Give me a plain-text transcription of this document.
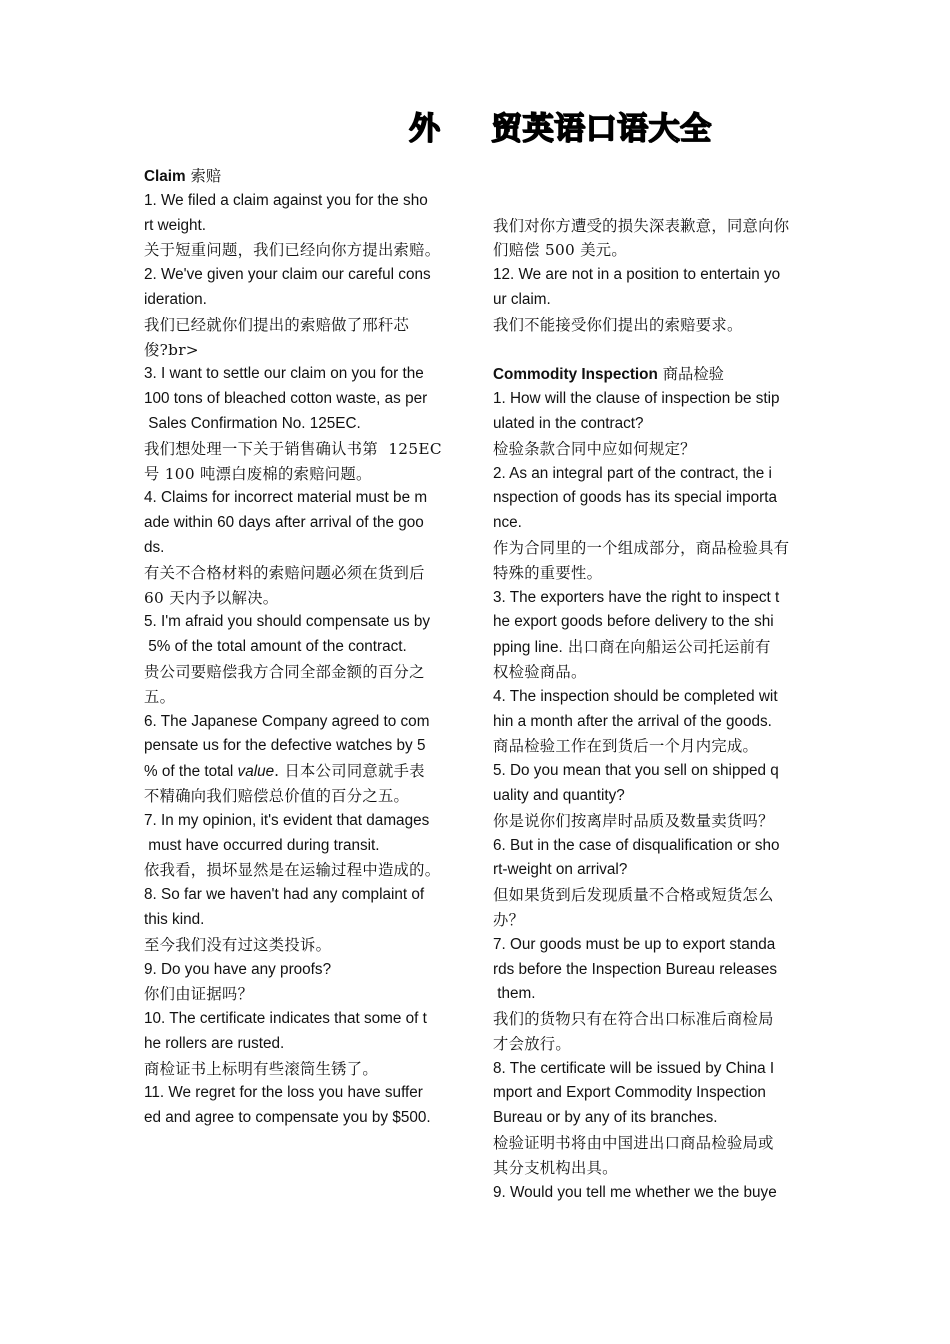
外

贸英语口语大全

Claim 索赔
1. We filed a claim against you for the sho
rt weight.
关于短重问题，我们已经向你方提出索赔。
2. We've given your claim our careful cons
ideration.
我们已经就你们提出的索赔做了邢秆芯
俊?br>
3. I want to settle our claim on you for the
100 tons of bleached cotton waste, as per
Sales Confirmation No. 125EC.
我们想处理一下关于销售确认书第  125EC
号 100 吨漂白废棉的索赔问题。
4. Claims for incorrect material must be m
ade within 60 days after arrival of the goo
ds.
有关不合格材料的索赔问题必须在货到后
60 天内予以解决。
5. I'm afraid you should compensate us by
5% of the total amount of the contract.
贵公司要赔偿我方合同全部金额的百分之
五。
6. The Japanese Company agreed to com
pensate us for the defective watches by 5
% of the total value. 日本公司同意就手表
不精确向我们赔偿总价值的百分之五。
7. In my opinion, it's evident that damages
must have occurred during transit.
依我看，损坏显然是在运输过程中造成的。
8. So far we haven't had any complaint of
this kind.
至今我们没有过这类投诉。
9. Do you have any proofs?
你们由证据吗？
10. The certificate indicates that some of t
he rollers are rusted.
商检证书上标明有些滚筒生锈了。
11. We regret for the loss you have suffer
ed and agree to compensate you by $500.
我们对你方遭受的损失深表歉意，同意向你
们赔偿 500 美元。
12. We are not in a position to entertain yo
ur claim.
我们不能接受你们提出的索赔要求。
Commodity Inspection 商品检验
1. How will the clause of inspection be stip
ulated in the contract?
检验条款合同中应如何规定？
2. As an integral part of the contract, the i
nspection of goods has its special importa
nce.
作为合同里的一个组成部分，商品检验具有
特殊的重要性。
3. The exporters have the right to inspect t
he export goods before delivery to the shi
pping line. 出口商在向船运公司托运前有
权检验商品。
4. The inspection should be completed wit
hin a month after the arrival of the goods.
商品检验工作在到货后一个月内完成。
5. Do you mean that you sell on shipped q
uality and quantity?
你是说你们按离岸时品质及数量卖货吗？
6. But in the case of disqualification or sho
rt-weight on arrival?
但如果货到后发现质量不合格或短货怎么
办？
7. Our goods must be up to export standa
rds before the Inspection Bureau releases
them.
我们的货物只有在符合出口标准后商检局
才会放行。
8. The certificate will be issued by China I
mport and Export Commodity Inspection
Bureau or by any of its branches.
检验证明书将由中国进出口商品检验局或
其分支机构出具。
9. Would you tell me whether we the buye
